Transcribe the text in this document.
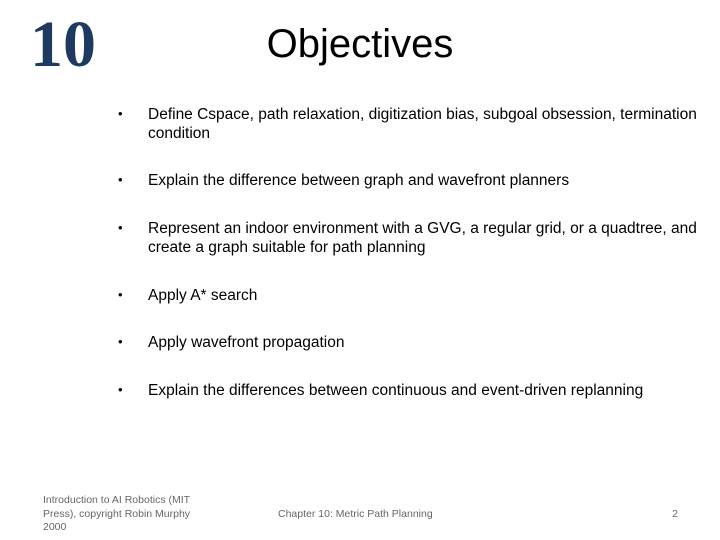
10	Objectives
• Define Cspace, path relaxation, digitization bias, subgoal obsession, termination condition
• Explain the difference between graph and wavefront planners
• Represent an indoor environment with a GVG, a regular grid, or a quadtree, and create a graph suitable for path planning
• Apply A* search
• Apply wavefront propagation
• Explain the differences between continuous and event-driven replanning
Introduction to AI Robotics (MIT Press), copyright Robin Murphy 2000
Chapter 10: Metric Path Planning	2
